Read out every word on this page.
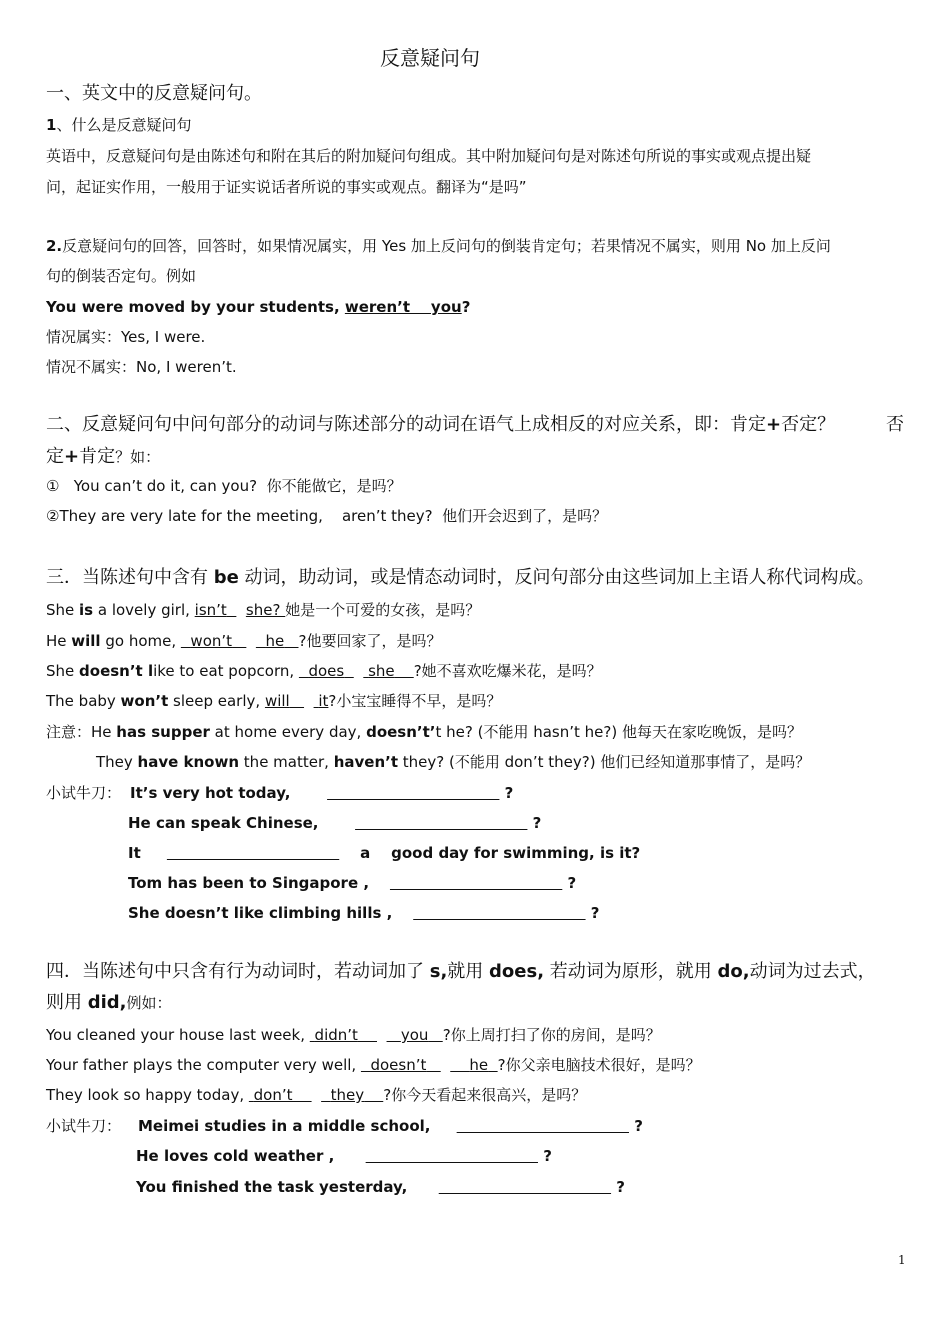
反意疑问句
一、英文中的反意疑问句。
1、什么是反意疑问句
英语中，反意疑问句是由陈述句和附在其后的附加疑问句组成。其中附加疑问句是对陈述句所说的事实或观点提出疑
问，起证实作用，一般用于证实说话者所说的事实或观点。翻译为“是吗”
2.反意疑问句的回答，回答时，如果情况属实，用 Yes 加上反问句的倒装肯定句；若果情况不属实，则用 No 加上反问
句的倒装否定句。例如
You were moved by your students, weren’t    you?
情况属实：Yes, I were.
情况不属实：No, I weren’t.
二、反意疑问句中问句部分的动词与陈述部分的动词在语气上成相反的对应关系，即：肯定+否定？	否
定+肯定？如：
① You can’t do it, can you? 你不能做它，是吗？
②They are very late for the meeting,    aren’t they? 他们开会迟到了，是吗？
三．当陈述句中含有 be 动词，助动词，或是情态动词时，反问句部分由这些词加上主语人称代词构成。
She is a lovely girl, isn’t she? 她是一个可爱的女孩，是吗？
He will go home,   won’t he ?他要回家了，是吗？
She doesn’t like to eat popcorn,   does she ?她不喜欢吃爆米花，是吗？
The baby won’t sleep early, will it?小宝宝睡得不早，是吗？
注意：He has supper at home every day, doesn’t’t he? (不能用 hasn’t he?) 他每天在家吃晚饭，是吗？
They have known the matter, haven’t they? (不能用 don’t they?) 他们已经知道那事情了，是吗？
小试牛刀： It’s very hot today,	?
He can speak Chinese,	?
It	a    good day for swimming, is it?
Tom has been to Singapore ,	?
She doesn’t like climbing hills ,	?
四．当陈述句中只含有行为动词时，若动词加了 s,就用 does, 若动词为原形，就用 do,动词为过去式，
则用 did,例如：
You cleaned your house last week,  didn’t	you ?你上周打扫了你的房间，是吗？
Your father plays the computer very well,   doesn’t	he ?你父亲电脑技术很好，是吗？
They look so happy today,  don’t	they ?你今天看起来很高兴，是吗？
小试牛刀： Meimei studies in a middle school,	?
He loves cold weather ,	?
You finished the task yesterday,	?
1
